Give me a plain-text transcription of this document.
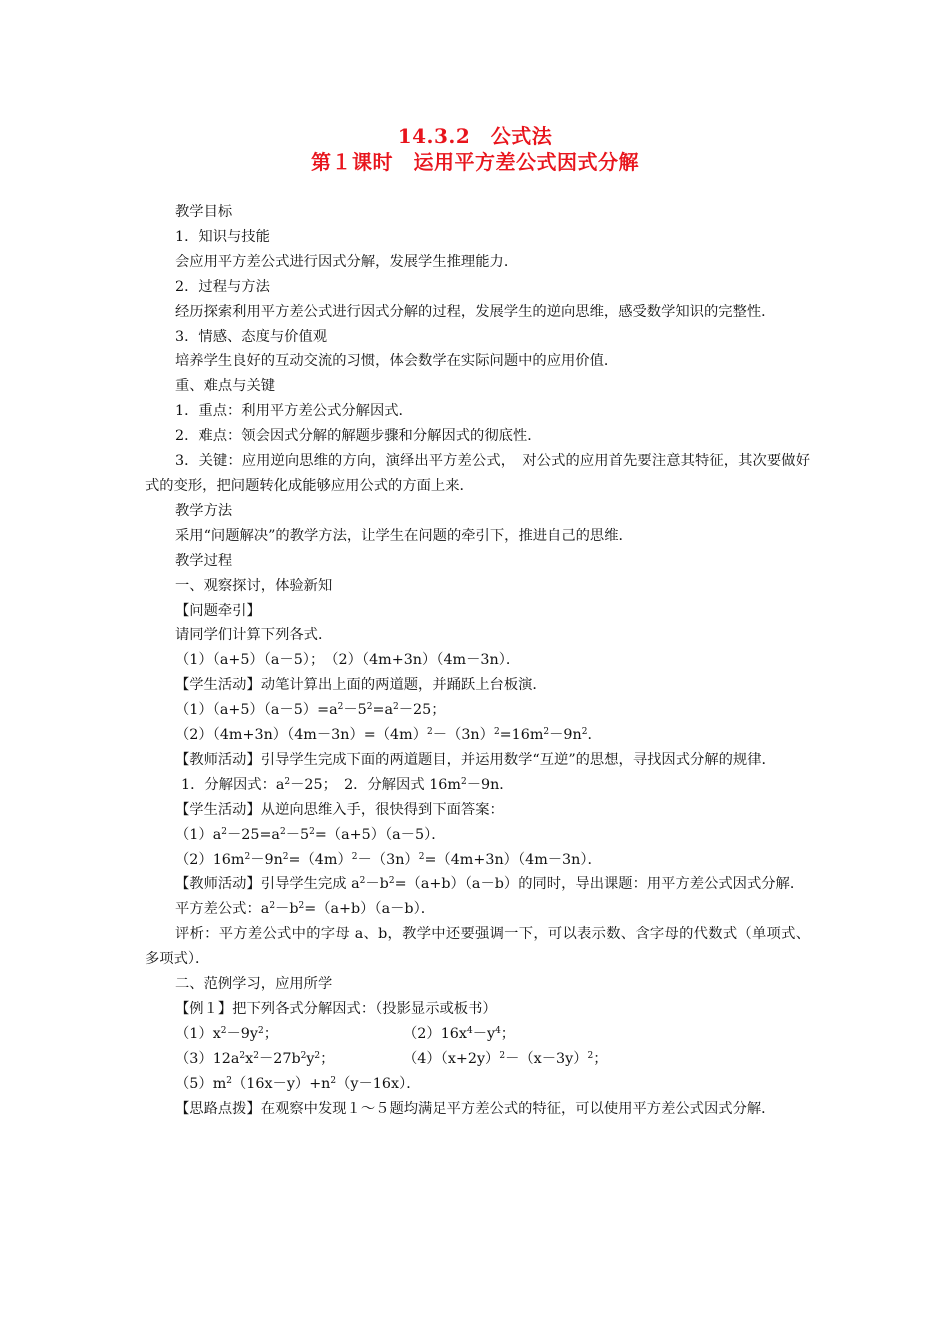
14.3.2　公式法
第１课时　运用平方差公式因式分解

教学目标

1．知识与技能

会应用平方差公式进行因式分解，发展学生推理能力．

2．过程与方法

经历探索利用平方差公式进行因式分解的过程，发展学生的逆向思维，感受数学知识的完整性．

3．情感、态度与价值观

培养学生良好的互动交流的习惯，体会数学在实际问题中的应用价值．

重、难点与关键

1．重点：利用平方差公式分解因式．

2．难点：领会因式分解的解题步骤和分解因式的彻底性．

3．关键：应用逆向思维的方向，演绎出平方差公式，　对公式的应用首先要注意其特征，其次要做好式的变形，把问题转化成能够应用公式的方面上来．

教学方法

采用“问题解决”的教学方法，让学生在问题的牵引下，推进自己的思维．

教学过程

一、观察探讨，体验新知

【问题牵引】

请同学们计算下列各式．

（1）（a+5）（a－5）；　（2）（4m+3n）（4m－3n）．

【学生活动】动笔计算出上面的两道题，并踊跃上台板演．

$(1)(a+5)(a-5)=a^2-5^2=a^2-25$；

$(2)(4m+3n)(4m-3n)=(4m)^2-(3n)^2=16m^2-9n^2$．

【教师活动】引导学生完成下面的两道题目，并运用数学“互逆”的思想，寻找因式分解的规律．

1．分解因式：$a^2-25$；　2．分解因式 $16m^2-9n$．

【学生活动】从逆向思维入手，很快得到下面答案：

$(1)a^2-25=a^2-5^2=(a+5)(a-5)$．

$(2)16m^2-9n^2=(4m)^2-(3n)^2=(4m+3n)(4m-3n)$．

【教师活动】引导学生完成 $a^2-b^2=(a+b)(a-b)$的同时，导出课题：用平方差公式因式分解．

平方差公式：$a^2-b^2=(a+b)(a-b)$．

评析：平方差公式中的字母 a、b，教学中还要强调一下，可以表示数、含字母的代数式（单项式、多项式）．

二、范例学习，应用所学

【例１】把下列各式分解因式：（投影显示或板书）

$(1)x^2-9y^2$；	$(2)16x^4-y^4$；
$(3)12a^2x^2-27b^2y^2$；	$(4)(x+2y)^2-(x-3y)^2$；

$(5)m^2(16x-y)+n^2(y-16x)$．

【思路点拨】在观察中发现１～５题均满足平方差公式的特征，可以使用平方差公式因式分解．
